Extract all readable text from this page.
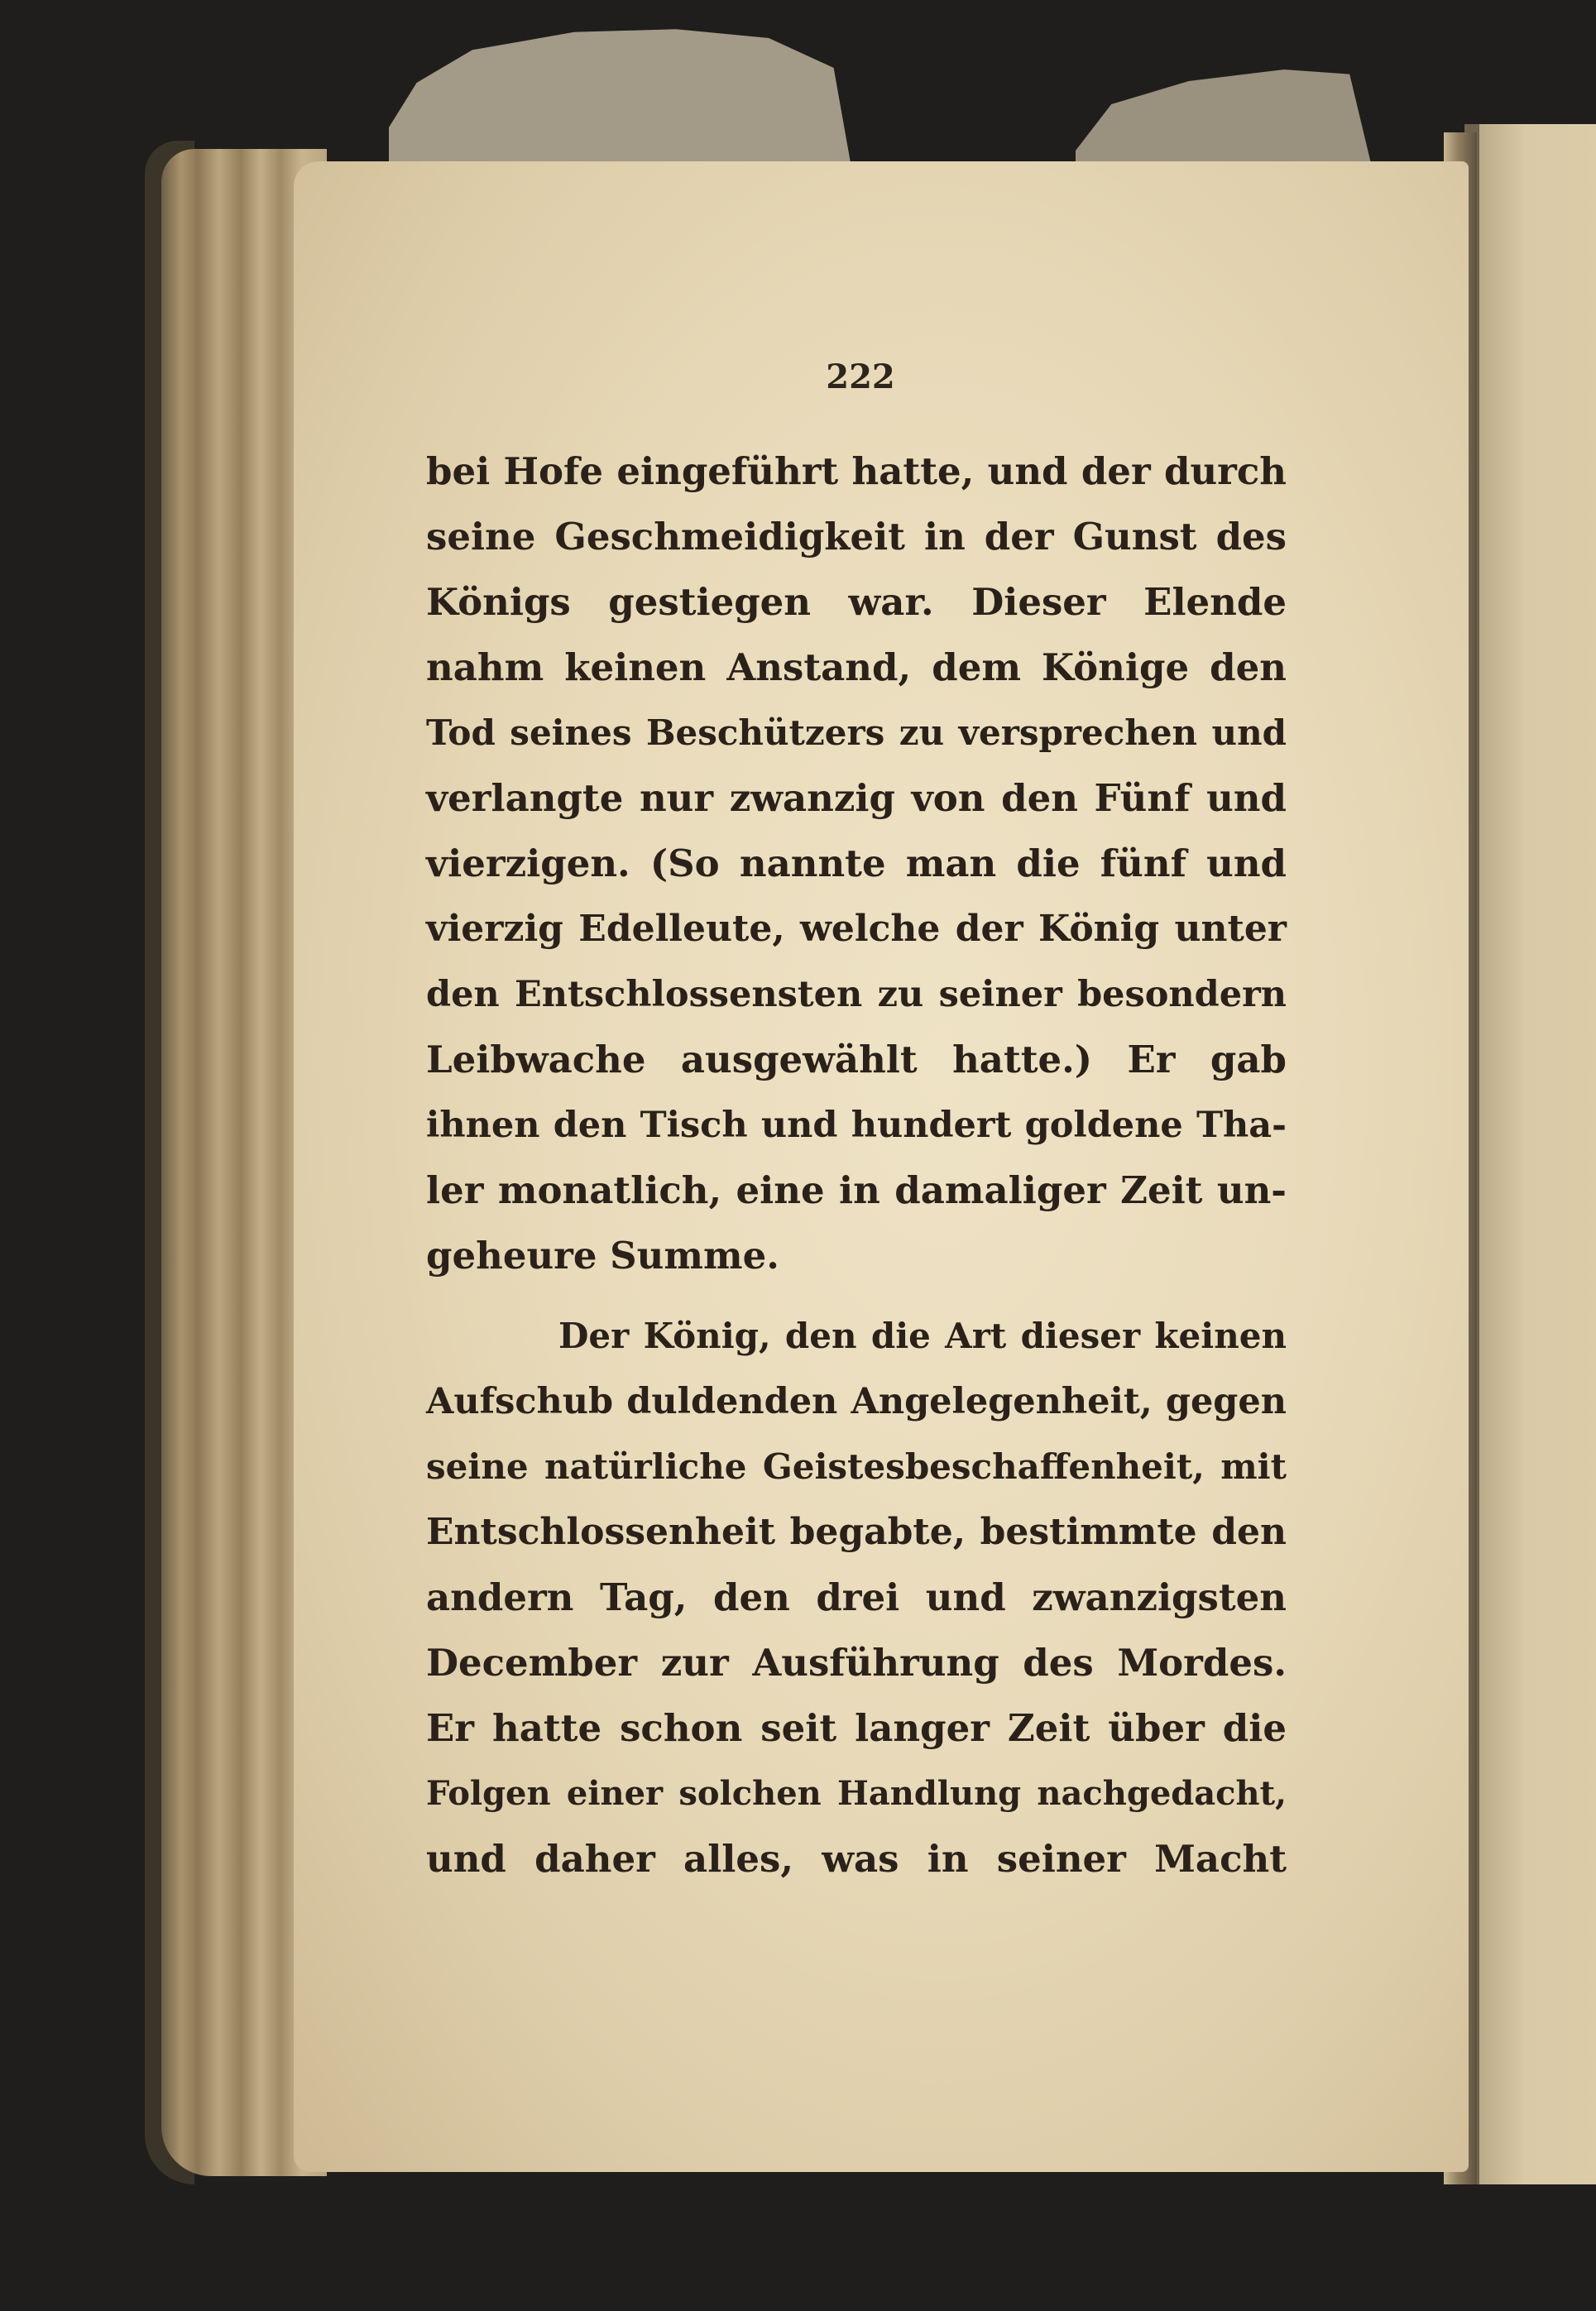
222
bei Hofe eingeführt hatte, und der durch
seine Geschmeidigkeit in der Gunst des
Königs gestiegen war. Dieser Elende
nahm keinen Anstand, dem Könige den
Tod seines Beschützers zu versprechen und
verlangte nur zwanzig von den Fünf und
vierzigen. (So nannte man die fünf und
vierzig Edelleute, welche der König unter
den Entschlossensten zu seiner besondern
Leibwache ausgewählt hatte.) Er gab
ihnen den Tisch und hundert goldene Tha-
ler monatlich, eine in damaliger Zeit un-
geheure Summe.
Der König, den die Art dieser keinen
Aufschub duldenden Angelegenheit, gegen
seine natürliche Geistesbeschaffenheit, mit
Entschlossenheit begabte, bestimmte den
andern Tag, den drei und zwanzigsten
December zur Ausführung des Mordes.
Er hatte schon seit langer Zeit über die
Folgen einer solchen Handlung nachgedacht,
und daher alles, was in seiner Macht
